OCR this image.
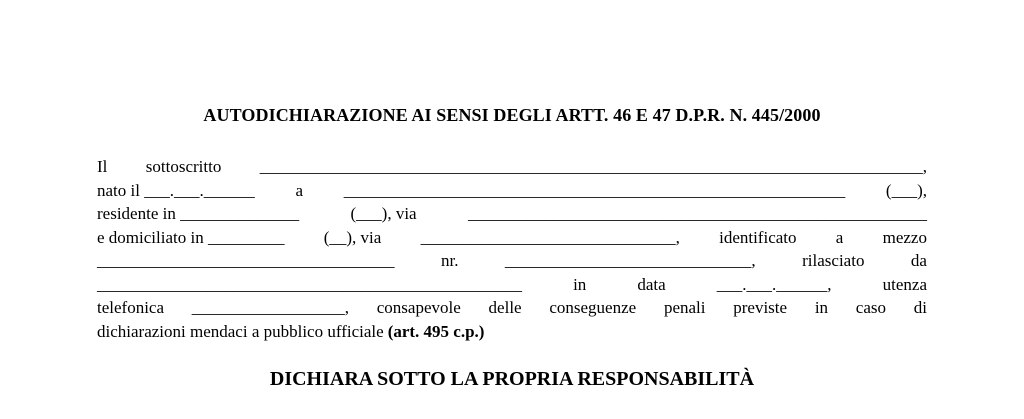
AUTODICHIARAZIONE AI SENSI DEGLI ARTT. 46 E 47 D.P.R. N. 445/2000
Il sottoscritto ______________________________________________________________________________,
nato il ___.___.______ a ___________________________________________________________ (___),
residente in ______________	(___), via	______________________________________________________
e domiciliato in _________ (__), via ______________________________, identificato a mezzo
___________________________________	nr.	_____________________________,	rilasciato	da
__________________________________________________	in	data	___.___.______,	utenza
telefonica __________________, consapevole delle conseguenze penali previste in caso di
dichiarazioni mendaci a pubblico ufficiale (art. 495 c.p.)
DICHIARA SOTTO LA PROPRIA RESPONSABILITÀ
